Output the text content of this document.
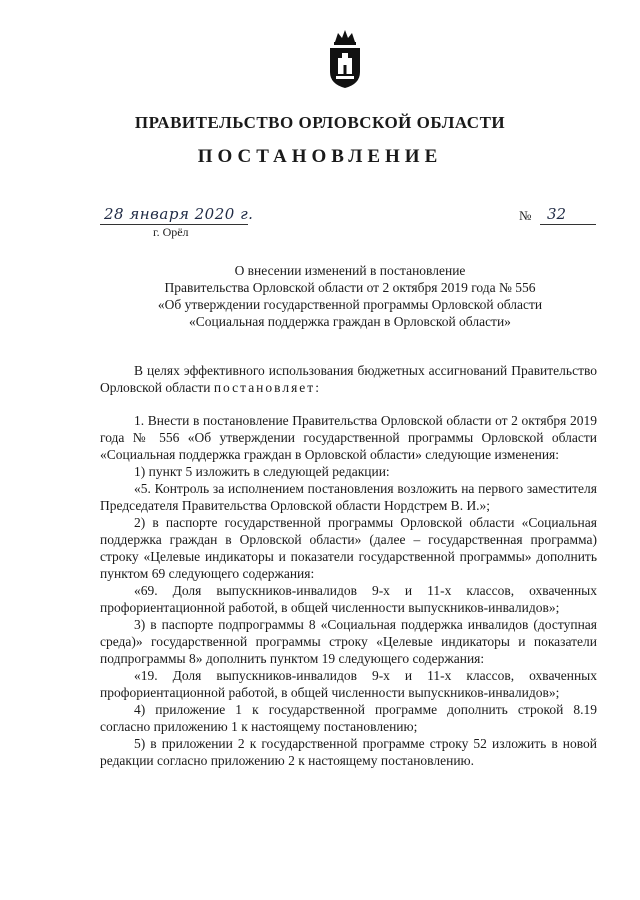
ПРАВИТЕЛЬСТВО ОРЛОВСКОЙ ОБЛАСТИ
ПОСТАНОВЛЕНИЕ
28 января 2020 г.
г. Орёл
№ 32
О внесении изменений в постановление
Правительства Орловской области от 2 октября 2019 года № 556
«Об утверждении государственной программы Орловской области
«Социальная поддержка граждан в Орловской области»

В целях эффективного использования бюджетных ассигнований Правительство Орловской области постановляет:

1. Внести в постановление Правительства Орловской области от 2 октября 2019 года № 556 «Об утверждении государственной программы Орловской области «Социальная поддержка граждан в Орловской области» следующие изменения:

1) пункт 5 изложить в следующей редакции:

«5. Контроль за исполнением постановления возложить на первого заместителя Председателя Правительства Орловской области Нордстрем В. И.»;

2) в паспорте государственной программы Орловской области «Социальная поддержка граждан в Орловской области» (далее – государственная программа) строку «Целевые индикаторы и показатели государственной программы» дополнить пунктом 69 следующего содержания:

«69. Доля выпускников-инвалидов 9-х и 11-х классов, охваченных профориентационной работой, в общей численности выпускников-инвалидов»;

3) в паспорте подпрограммы 8 «Социальная поддержка инвалидов (доступная среда)» государственной программы строку «Целевые индикаторы и показатели подпрограммы 8» дополнить пунктом 19 следующего содержания:

«19. Доля выпускников-инвалидов 9-х и 11-х классов, охваченных профориентационной работой, в общей численности выпускников-инвалидов»;

4) приложение 1 к государственной программе дополнить строкой 8.19 согласно приложению 1 к настоящему постановлению;

5) в приложении 2 к государственной программе строку 52 изложить в новой редакции согласно приложению 2 к настоящему постановлению.
